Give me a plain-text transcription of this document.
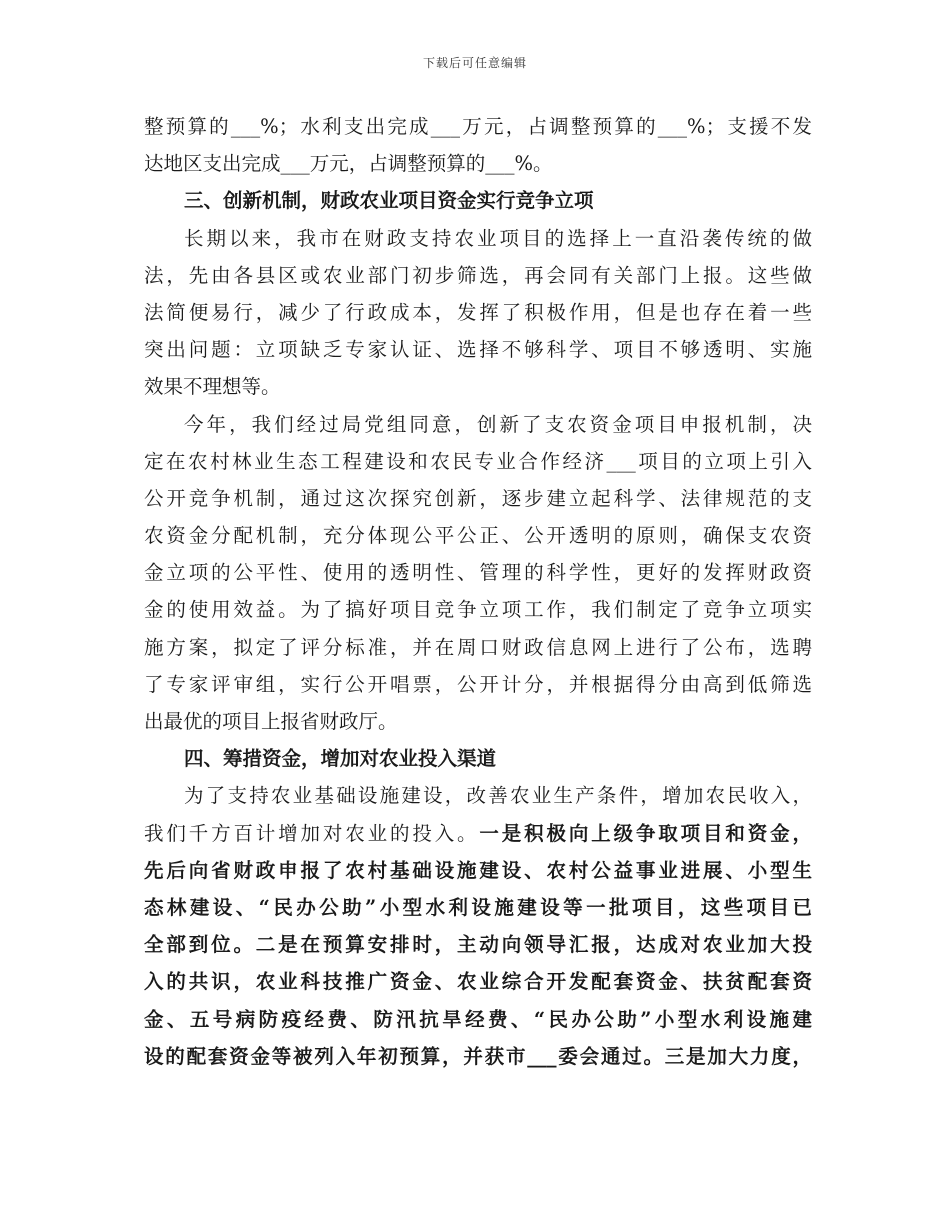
下载后可任意编辑
整预算的___%；水利支出完成___万元，占调整预算的___%；支援不发
达地区支出完成___万元，占调整预算的___%。
三、创新机制，财政农业项目资金实行竞争立项
长期以来，我市在财政支持农业项目的选择上一直沿袭传统的做
法，先由各县区或农业部门初步筛选，再会同有关部门上报。这些做
法简便易行，减少了行政成本，发挥了积极作用，但是也存在着一些
突出问题：立项缺乏专家认证、选择不够科学、项目不够透明、实施
效果不理想等。
今年，我们经过局党组同意，创新了支农资金项目申报机制，决
定在农村林业生态工程建设和农民专业合作经济___项目的立项上引入
公开竞争机制，通过这次探究创新，逐步建立起科学、法律规范的支
农资金分配机制，充分体现公平公正、公开透明的原则，确保支农资
金立项的公平性、使用的透明性、管理的科学性，更好的发挥财政资
金的使用效益。为了搞好项目竞争立项工作，我们制定了竞争立项实
施方案，拟定了评分标准，并在周口财政信息网上进行了公布，选聘
了专家评审组，实行公开唱票，公开计分，并根据得分由高到低筛选
出最优的项目上报省财政厅。
四、筹措资金，增加对农业投入渠道
为了支持农业基础设施建设，改善农业生产条件，增加农民收入，
我们千方百计增加对农业的投入。一是积极向上级争取项目和资金，
先后向省财政申报了农村基础设施建设、农村公益事业进展、小型生
态林建设、“民办公助”小型水利设施建设等一批项目，这些项目已
全部到位。二是在预算安排时，主动向领导汇报，达成对农业加大投
入的共识，农业科技推广资金、农业综合开发配套资金、扶贫配套资
金、五号病防疫经费、防汛抗旱经费、“民办公助”小型水利设施建
设的配套资金等被列入年初预算，并获市___委会通过。三是加大力度，
